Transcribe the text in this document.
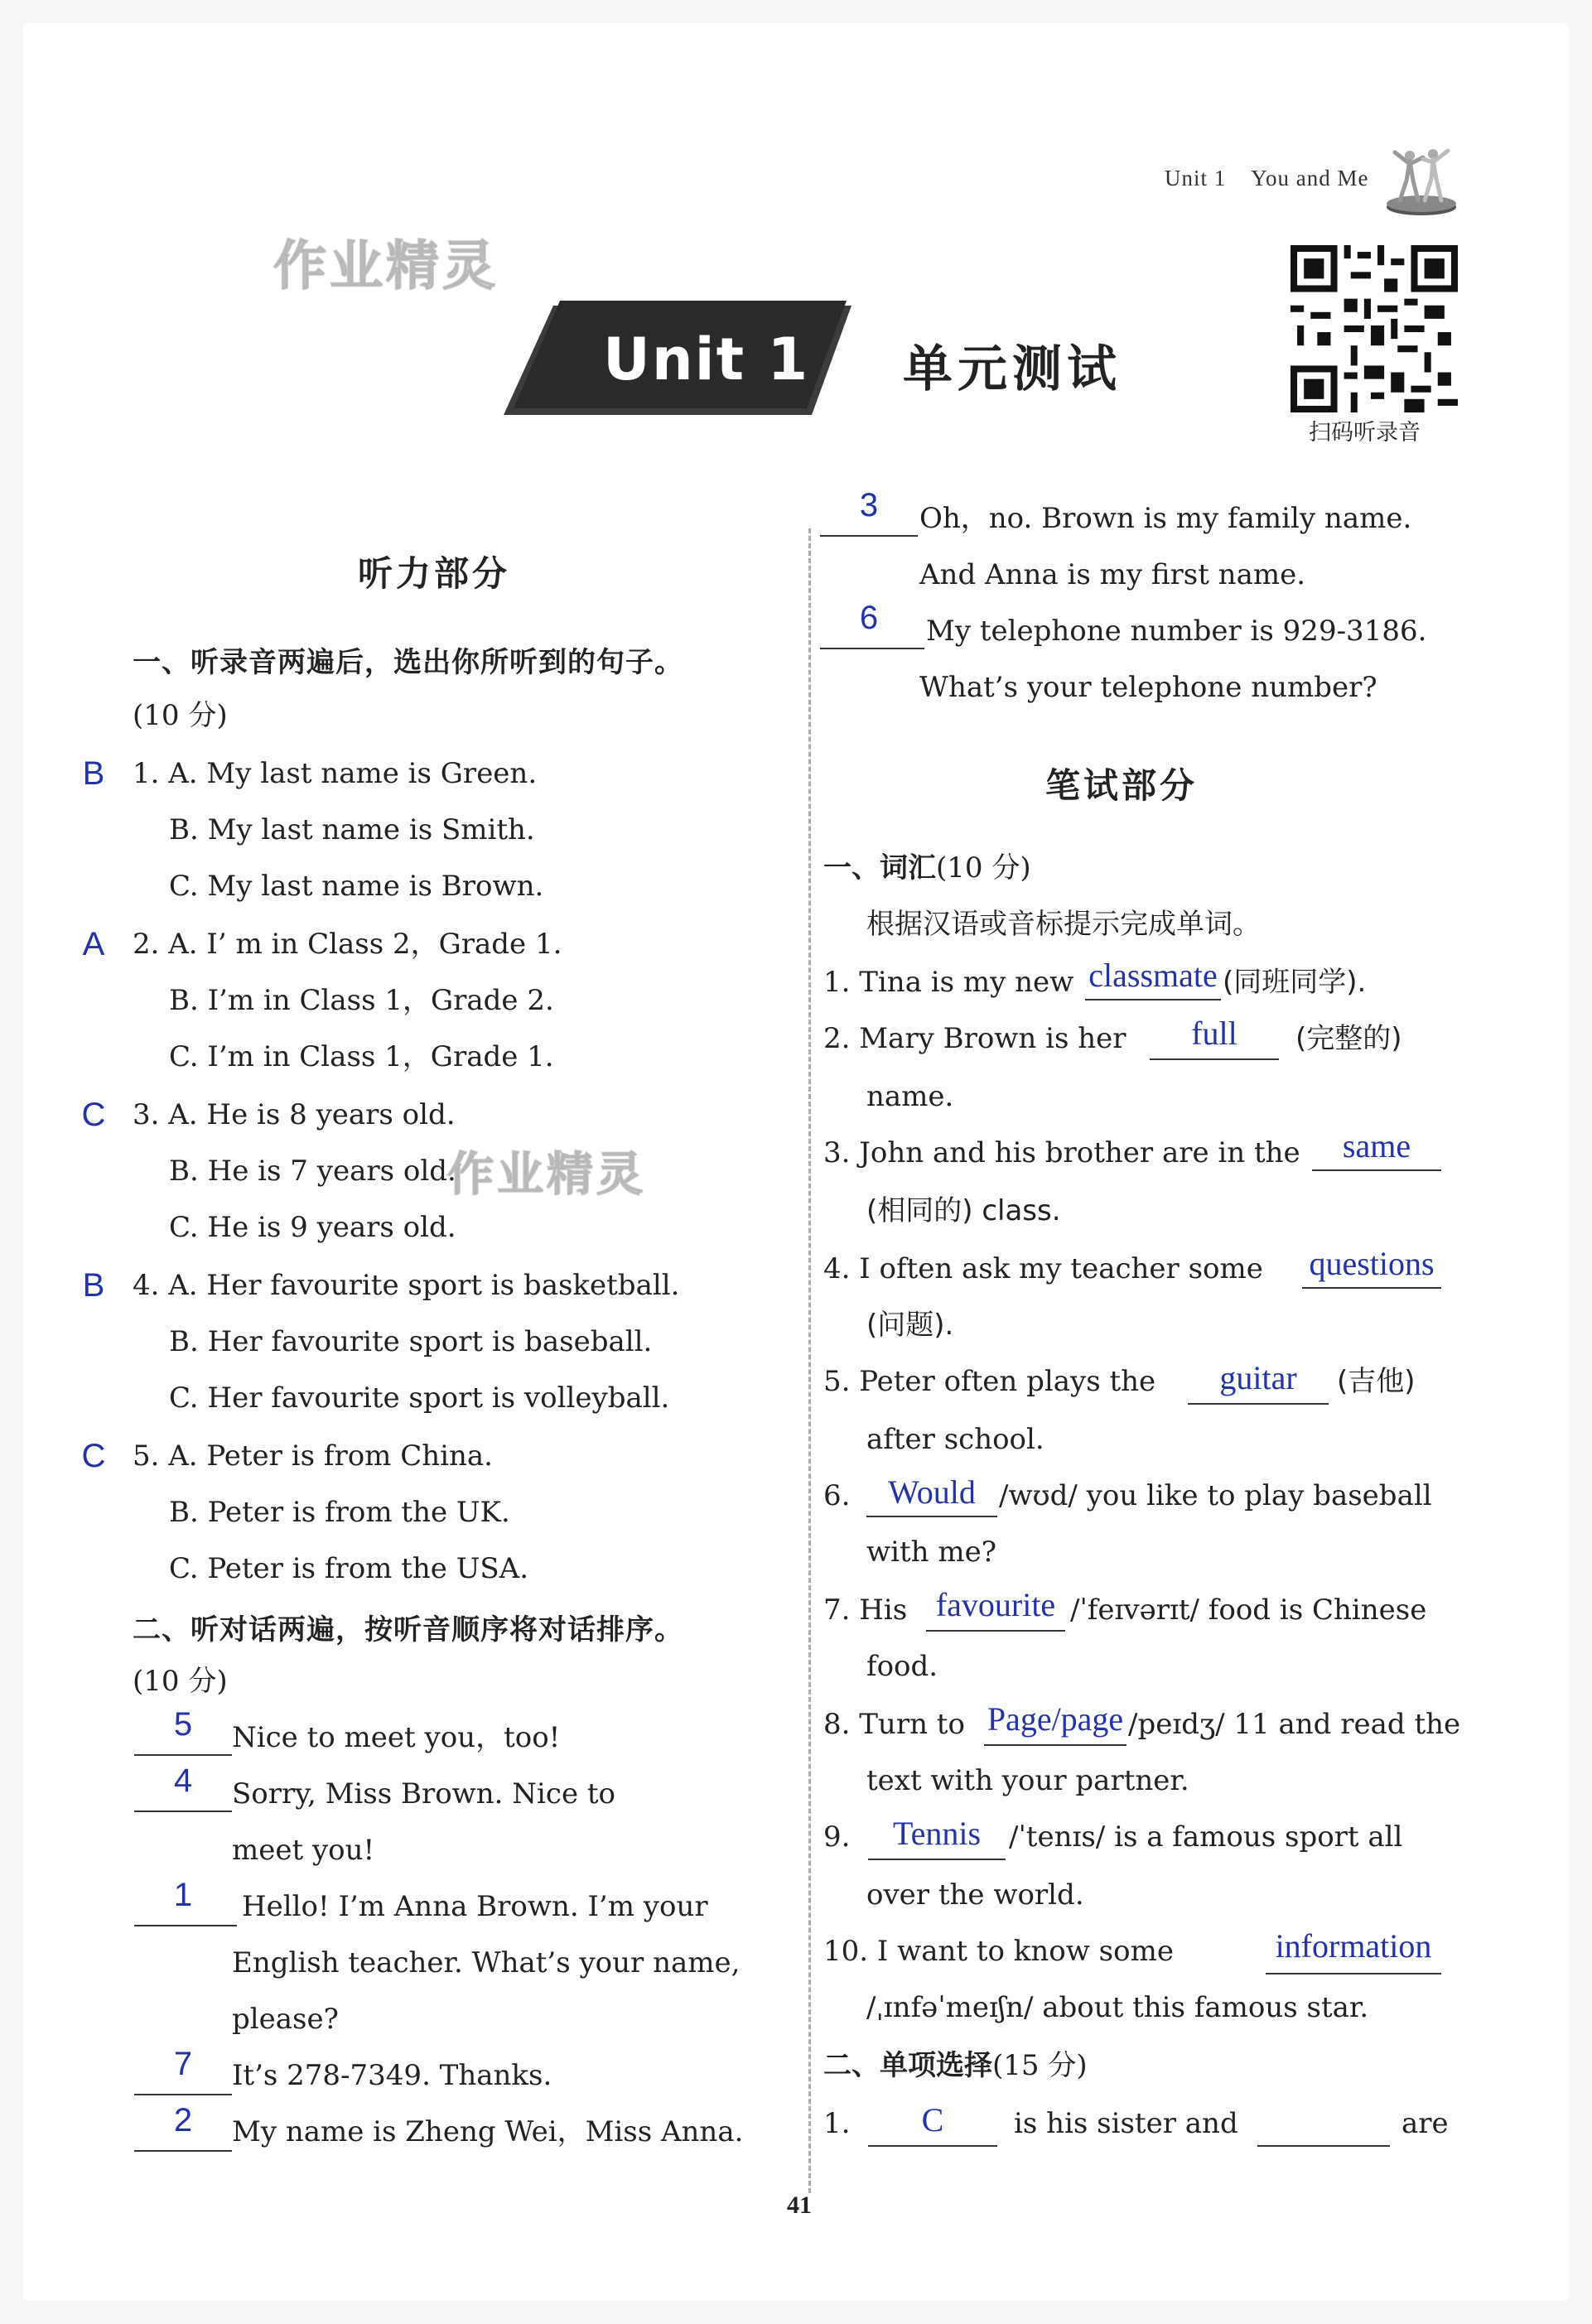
Unit 1 You and Me
作业精灵
Unit 1 单元测试
扫码听录音
听力部分
一、听录音两遍后，选出你所听到的句子。
(10 分)
B 1. A. My last name is Green.
B. My last name is Smith.
C. My last name is Brown.
A 2. A. I’ m in Class 2，Grade 1.
B. I’m in Class 1，Grade 2.
C. I’m in Class 1，Grade 1.
C 3. A. He is 8 years old.
B. He is 7 years old.
作业精灵
C. He is 9 years old.
B 4. A. Her favourite sport is basketball.
B. Her favourite sport is baseball.
C. Her favourite sport is volleyball.
C 5. A. Peter is from China.
B. Peter is from the UK.
C. Peter is from the USA.
二、听对话两遍，按听音顺序将对话排序。
(10 分)
5	Nice to meet you，too!
4	Sorry, Miss Brown. Nice to
meet you!
1	Hello! I’m Anna Brown. I’m your
English teacher. What’s your name,
please?
7	It’s 278-7349. Thanks.
2	My name is Zheng Wei，Miss Anna.
3	Oh，no. Brown is my family name.
And Anna is my first name.
6	My telephone number is 929-3186.
What’s your telephone number?
笔试部分
一、词汇(10 分)
根据汉语或音标提示完成单词。
1. Tina is my new classmate (同班同学).
2. Mary Brown is her	full	(完整的)
name.
3. John and his brother are in the	same
(相同的) class.
4. I often ask my teacher some questions
(问题).
5. Peter often plays the	guitar	(吉他)
after school.
6.	Would /wʊd/ you like to play baseball
with me?
7. His favourite /ˈfeɪvərɪt/ food is Chinese
food.
8. Turn to Page/page /peɪdʒ/ 11 and read the
text with your partner.
9.	Tennis /ˈtenɪs/ is a famous sport all
over the world.
10. I want to know some	information
/ˌɪnfəˈmeɪʃn/ about this famous star.
二、单项选择(15 分)
1.	C	is his sister and	are
41
